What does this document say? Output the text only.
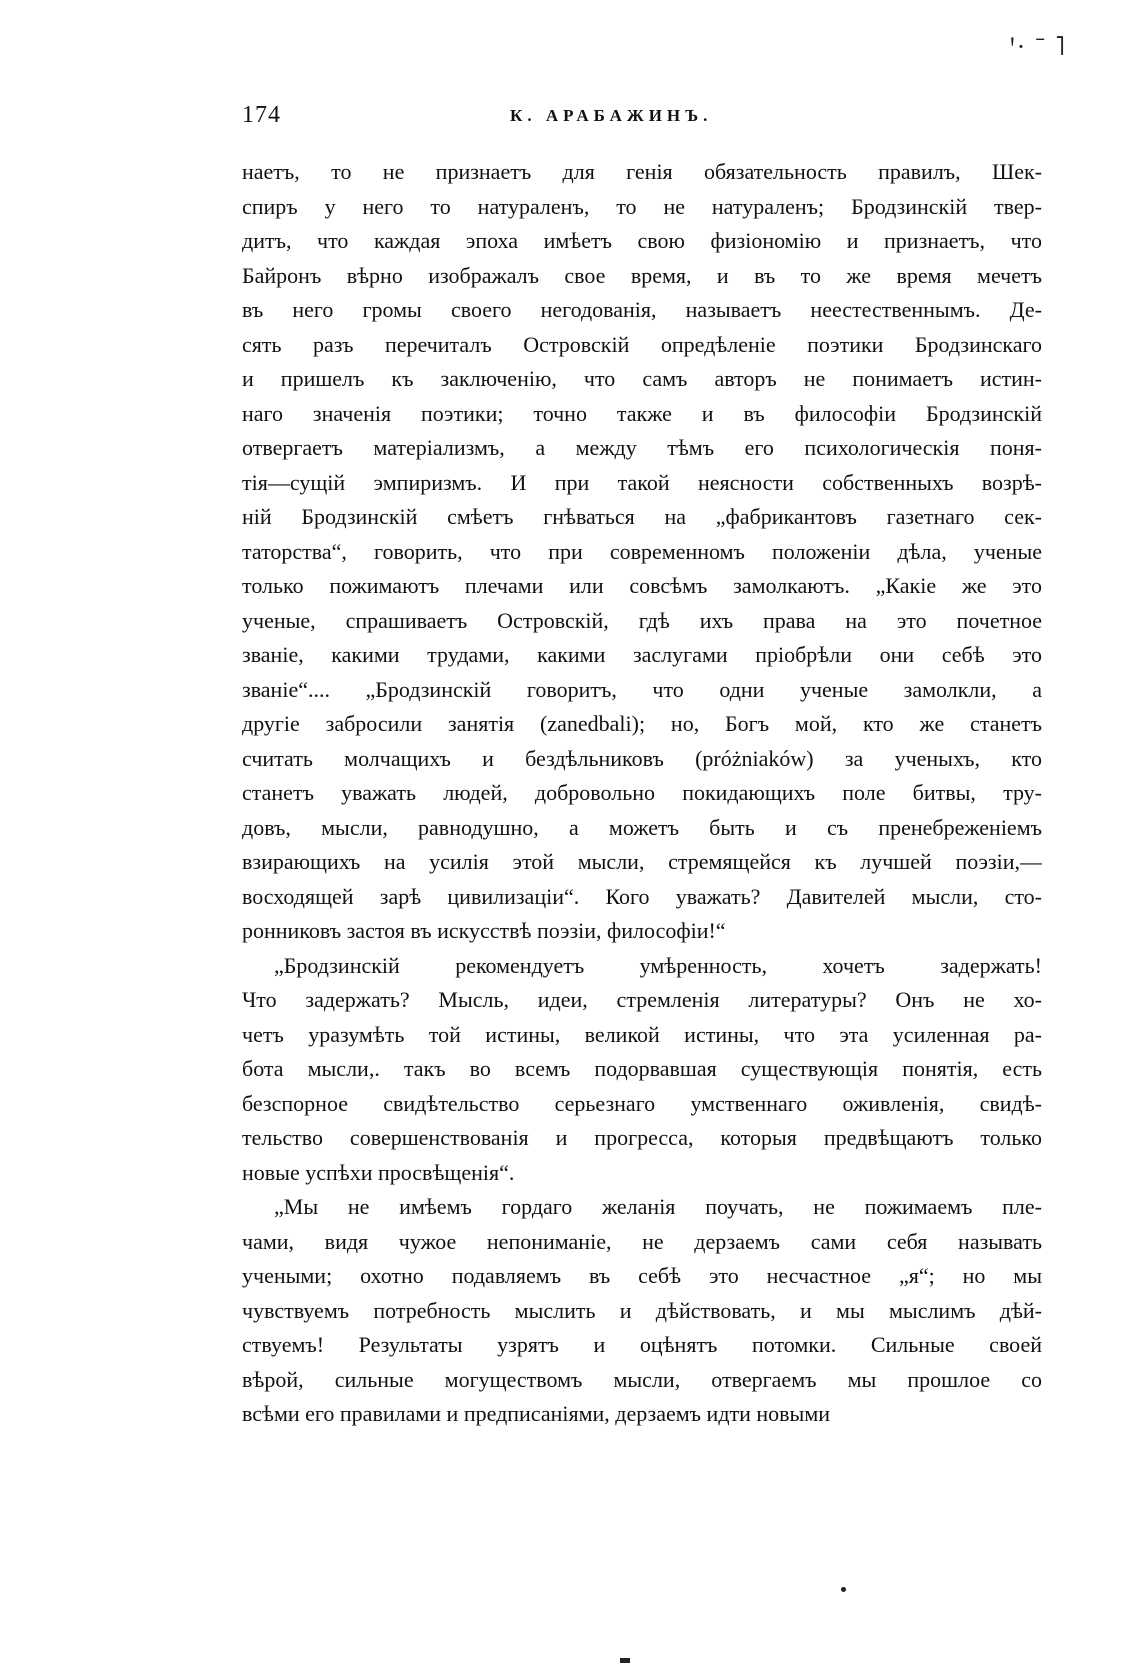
ꞌ· ˉ ˥
174	К. АРАБАЖИНЪ.
наетъ, то не признаетъ для генія обязательность правилъ, Шек-
спиръ у него то натураленъ, то не натураленъ; Бродзинскій твер-
дитъ, что каждая эпоха имѣетъ свою физіономію и признаетъ, что
Байронъ вѣрно изображалъ свое время, и въ то же время мечетъ
въ него громы своего негодованія, называетъ неестественнымъ. Де-
сять разъ перечиталъ Островскій опредѣленіе поэтики Бродзинскаго
и пришелъ къ заключенію, что самъ авторъ не понимаетъ истин-
наго значенія поэтики; точно также и въ философіи Бродзинскій
отвергаетъ матеріализмъ, а между тѣмъ его психологическія поня-
тія—сущій эмпиризмъ. И при такой неясности собственныхъ возрѣ-
ній Бродзинскій смѣетъ гнѣваться на „фабрикантовъ газетнаго сек-
таторства“, говорить, что при современномъ положеніи дѣла, ученые
только пожимаютъ плечами или совсѣмъ замолкаютъ. „Какіе же это
ученые, спрашиваетъ Островскій, гдѣ ихъ права на это почетное
званіе, какими трудами, какими заслугами пріобрѣли они себѣ это
званіе“.... „Бродзинскій говоритъ, что одни ученые замолкли, а
другіе забросили занятія (zanedbali); но, Богъ мой, кто же станетъ
считать молчащихъ и бездѣльниковъ (próżniaków) за ученыхъ, кто
станетъ уважать людей, добровольно покидающихъ поле битвы, тру-
довъ, мысли, равнодушно, а можетъ быть и съ пренебреженіемъ
взирающихъ на усилія этой мысли, стремящейся къ лучшей поэзіи,—
восходящей зарѣ цивилизаціи“. Кого уважать? Давителей мысли, сто-
ронниковъ застоя въ искусствѣ поэзіи, философіи!“
„Бродзинскій рекомендуетъ умѣренность, хочетъ задержать!
Что задержать? Мысль, идеи, стремленія литературы? Онъ не хо-
четъ уразумѣть той истины, великой истины, что эта усиленная ра-
бота мысли,. такъ во всемъ подорвавшая существующія понятія, есть
безспорное свидѣтельство серьезнаго умственнаго оживленія, свидѣ-
тельство совершенствованія и прогресса, которыя предвѣщаютъ только
новые успѣхи просвѣщенія“.
„Мы не имѣемъ гордаго желанія поучать, не пожимаемъ пле-
чами, видя чужое непониманіе, не дерзаемъ сами себя называть
учеными; охотно подавляемъ въ себѣ это несчастное „я“; но мы
чувствуемъ потребность мыслить и дѣйствовать, и мы мыслимъ дѣй-
ствуемъ! Результаты узрятъ и оцѣнятъ потомки. Сильные своей
вѣрой, сильные могуществомъ мысли, отвергаемъ мы прошлое со
всѣми его правилами и предписаніями, дерзаемъ идти новыми
